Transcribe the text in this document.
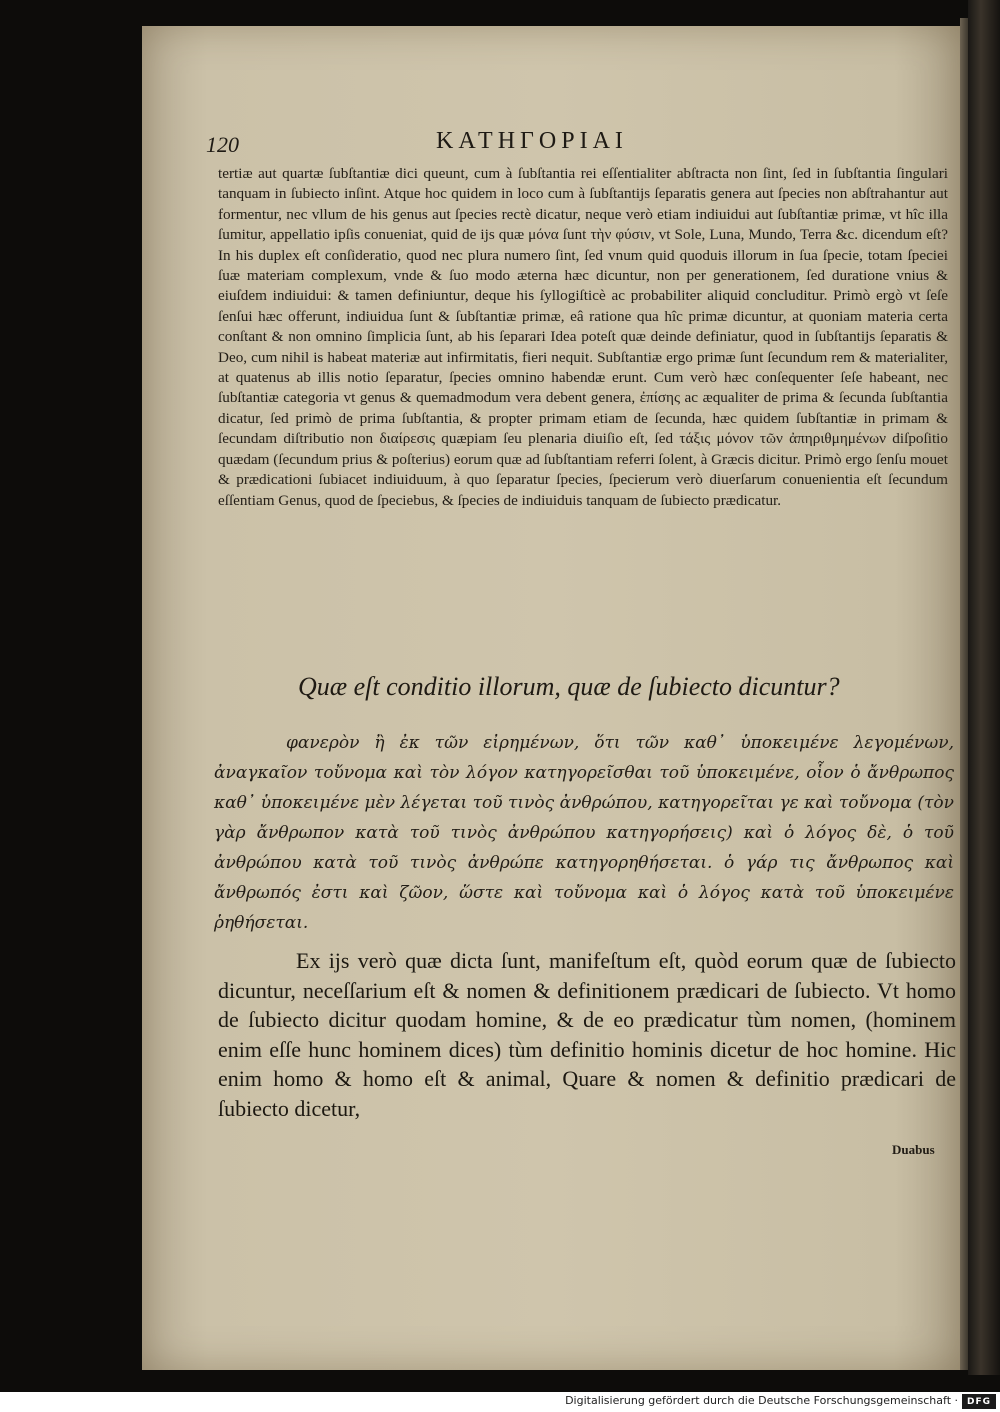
120	ΚΑΤΗΓΟΡΙΑΙ

tertiæ aut quartæ ſubſtantiæ dici queunt, cum à ſubſtantia rei eſſentialiter abſtracta non ſint, ſed in ſubſtantia ſingulari tanquam in ſubiecto inſint. Atque hoc quidem in loco cum à ſubſtantijs ſeparatis genera aut ſpecies non abſtrahantur aut formentur, nec vllum de his genus aut ſpecies rectè dicatur, neque verò etiam indiuidui aut ſubſtantiæ primæ, vt hîc illa ſumitur, appellatio ipſis conueniat, quid de ijs quæ μόνα ſunt τὴν φύσιν, vt Sole, Luna, Mundo, Terra &c. dicendum eſt? In his duplex eſt conſideratio, quod nec plura numero ſint, ſed vnum quid quoduis illorum in ſua ſpecie, totam ſpeciei ſuæ materiam complexum, vnde & ſuo modo æterna hæc dicuntur, non per generationem, ſed duratione vnius & eiuſdem indiuidui: & tamen definiuntur, deque his ſyllogiſticè ac probabiliter aliquid concluditur. Primò ergò vt ſeſe ſenſui hæc offerunt, indiuidua ſunt & ſubſtantiæ primæ, eâ ratione qua hîc primæ dicuntur, at quoniam materia certa conſtant & non omnino ſimplicia ſunt, ab his ſeparari Idea poteſt quæ deinde definiatur, quod in ſubſtantijs ſeparatis & Deo, cum nihil is habeat materiæ aut infirmitatis, fieri nequit. Subſtantiæ ergo primæ ſunt ſecundum rem & materialiter, at quatenus ab illis notio ſeparatur, ſpecies omnino habendæ erunt. Cum verò hæc conſequenter ſeſe habeant, nec ſubſtantiæ categoria vt genus & quemadmodum vera debent genera, ἐπίσης ac æqualiter de prima & ſecunda ſubſtantia dicatur, ſed primò de prima ſubſtantia, & propter primam etiam de ſecunda, hæc quidem ſubſtantiæ in primam & ſecundam diſtributio non διαίρεσις quæpiam ſeu plenaria diuiſio eſt, ſed τάξις μόνον τῶν ἀπηριθμημένων diſpoſitio quædam (ſecundum prius & poſterius) eorum quæ ad ſubſtantiam referri ſolent, à Græcis dicitur. Primò ergo ſenſu mouet & prædicationi ſubiacet indiuiduum, à quo ſeparatur ſpecies, ſpecierum verò diuerſarum conuenientia eſt ſecundum eſſentiam Genus, quod de ſpeciebus, & ſpecies de indiuiduis tanquam de ſubiecto prædicatur.

Quæ eſt conditio illorum, quæ de ſubiecto dicuntur?

φανερὸν ἢ ἐκ τῶν εἰρημένων, ὅτι τῶν καθ᾽ ὑποκειμένε λεγομένων, ἀναγκαῖον τοὔνομα καὶ τὸν λόγον κατηγορεῖσθαι τοῦ ὑποκειμένε, οἷον ὁ ἄνθρωπος καθ᾽ ὑποκειμένε μὲν λέγεται τοῦ τινὸς ἀνθρώπου, κατηγορεῖται γε καὶ τοὔνομα (τὸν γὰρ ἄνθρωπον κατὰ τοῦ τινὸς ἀνθρώπου κατηγορήσεις) καὶ ὁ λόγος δὲ, ὁ τοῦ ἀνθρώπου κατὰ τοῦ τινὸς ἀνθρώπε κατηγορηθήσεται. ὁ γάρ τις ἄνθρωπος καὶ ἄνθρωπός ἐστι καὶ ζῶον, ὥστε καὶ τοὔνομα καὶ ὁ λόγος κατὰ τοῦ ὑποκειμένε ῥηθήσεται.

Ex ijs verò quæ dicta ſunt, manifeſtum eſt, quòd eorum quæ de ſubiecto dicuntur, neceſſarium eſt & nomen & definitionem prædicari de ſubiecto. Vt homo de ſubiecto dicitur quodam homine, & de eo prædicatur tùm nomen, (hominem enim eſſe hunc hominem dices) tùm definitio hominis dicetur de hoc homine. Hic enim homo & homo eſt & animal, Quare & nomen & definitio prædicari de ſubiecto dicetur,

Duabus
Digitalisierung gefördert durch die Deutsche Forschungsgemeinschaft · DFG
